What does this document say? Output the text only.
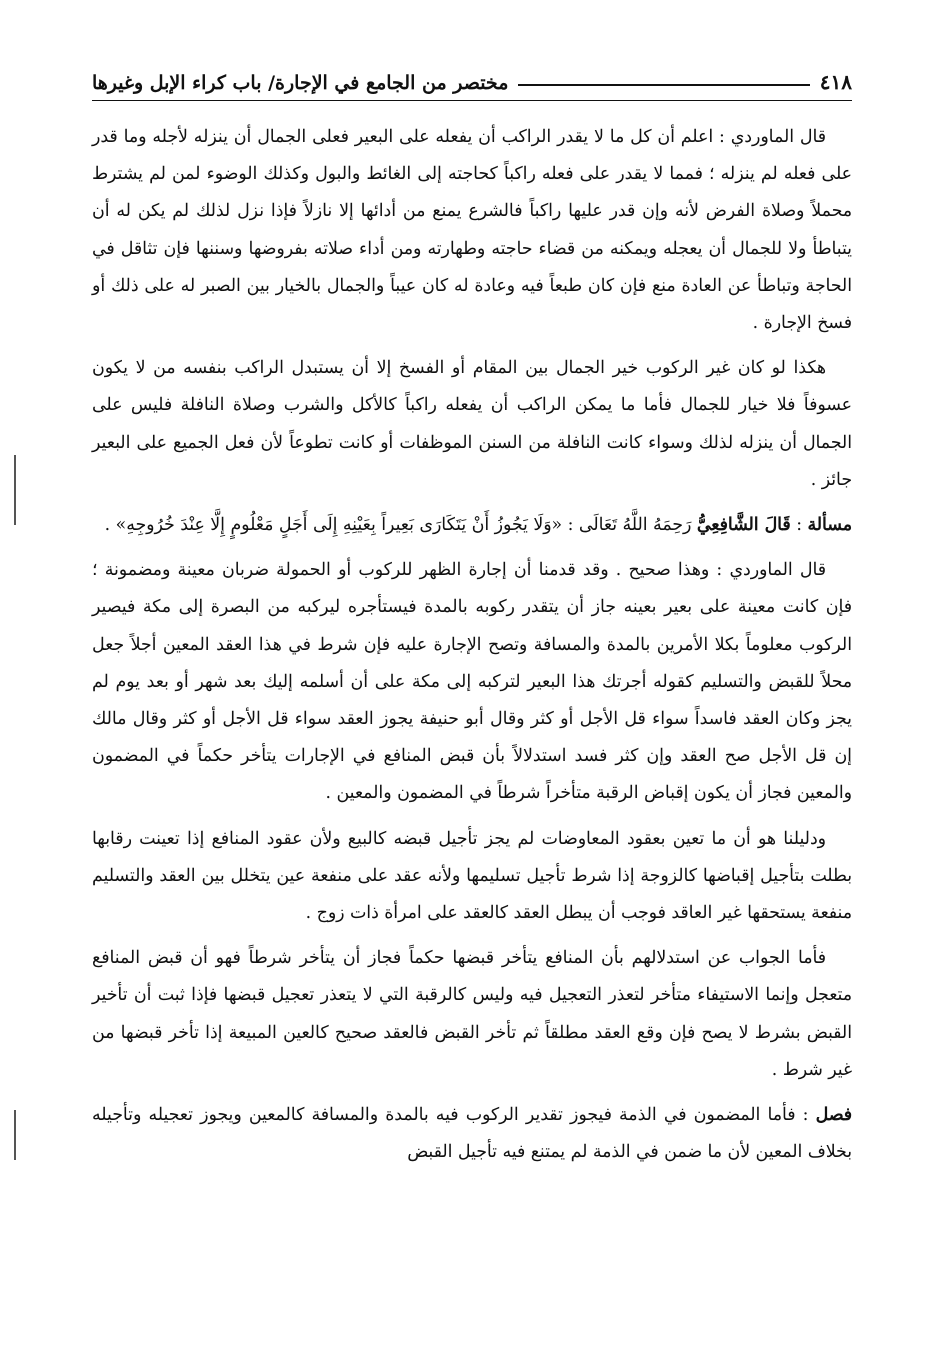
٤١٨
مختصر من الجامع في الإجارة/ باب كراء الإبل وغيرها

قال الماوردي : اعلم أن كل ما لا يقدر الراكب أن يفعله على البعير فعلى الجمال أن ينزله لأجله وما قدر على فعله لم ينزله ؛ فمما لا يقدر على فعله راكباً كحاجته إلى الغائط والبول وكذلك الوضوء لمن لم يشترط محملاً وصلاة الفرض لأنه وإن قدر عليها راكباً فالشرع يمنع من أدائها إلا نازلاً فإذا نزل لذلك لم يكن له أن يتباطأ ولا للجمال أن يعجله ويمكنه من قضاء حاجته وطهارته ومن أداء صلاته بفروضها وسننها فإن تثاقل في الحاجة وتباطأ عن العادة منع فإن كان طبعاً فيه وعادة له كان عيباً والجمال بالخيار بين الصبر له على ذلك أو فسخ الإجارة .

هكذا لو كان غير الركوب خير الجمال بين المقام أو الفسخ إلا أن يستبدل الراكب بنفسه من لا يكون عسوفاً فلا خيار للجمال فأما ما يمكن الراكب أن يفعله راكباً كالأكل والشرب وصلاة النافلة فليس على الجمال أن ينزله لذلك وسواء كانت النافلة من السنن الموظفات أو كانت تطوعاً لأن فعل الجميع على البعير جائز .

مسألة : قَالَ الشَّافِعِيُّ رَحِمَهُ اللَّهُ تَعَالَى : «وَلَا يَجُوزُ أَنْ يَتَكَارَى بَعِيراً بِعَيْنِهِ إِلَى أَجَلٍ مَعْلُومٍ إِلَّا عِنْدَ خُرُوجِهِ» .

قال الماوردي : وهذا صحيح . وقد قدمنا أن إجارة الظهر للركوب أو الحمولة ضربان معينة ومضمونة ؛ فإن كانت معينة على بعير بعينه جاز أن يتقدر ركوبه بالمدة فيستأجره ليركبه من البصرة إلى مكة فيصير الركوب معلوماً بكلا الأمرين بالمدة والمسافة وتصح الإجارة عليه فإن شرط في هذا العقد المعين أجلاً جعل محلاً للقبض والتسليم كقوله أجرتك هذا البعير لتركبه إلى مكة على أن أسلمه إليك بعد شهر أو بعد يوم لم يجز وكان العقد فاسداً سواء قل الأجل أو كثر وقال أبو حنيفة يجوز العقد سواء قل الأجل أو كثر وقال مالك إن قل الأجل صح العقد وإن كثر فسد استدلالاً بأن قبض المنافع في الإجارات يتأخر حكماً في المضمون والمعين فجاز أن يكون إقباض الرقبة متأخراً شرطاً في المضمون والمعين .

ودليلنا هو أن ما تعين بعقود المعاوضات لم يجز تأجيل قبضه كالبيع ولأن عقود المنافع إذا تعينت رقابها بطلت بتأجيل إقباضها كالزوجة إذا شرط تأجيل تسليمها ولأنه عقد على منفعة عين يتخلل بين العقد والتسليم منفعة يستحقها غير العاقد فوجب أن يبطل العقد كالعقد على امرأة ذات زوج .

فأما الجواب عن استدلالهم بأن المنافع يتأخر قبضها حكماً فجاز أن يتأخر شرطاً فهو أن قبض المنافع متعجل وإنما الاستيفاء متأخر لتعذر التعجيل فيه وليس كالرقبة التي لا يتعذر تعجيل قبضها فإذا ثبت أن تأخير القبض بشرط لا يصح فإن وقع العقد مطلقاً ثم تأخر القبض فالعقد صحيح كالعين المبيعة إذا تأخر قبضها من غير شرط .

فصل : فأما المضمون في الذمة فيجوز تقدير الركوب فيه بالمدة والمسافة كالمعين ويجوز تعجيله وتأجيله بخلاف المعين لأن ما ضمن في الذمة لم يمتنع فيه تأجيل القبض
